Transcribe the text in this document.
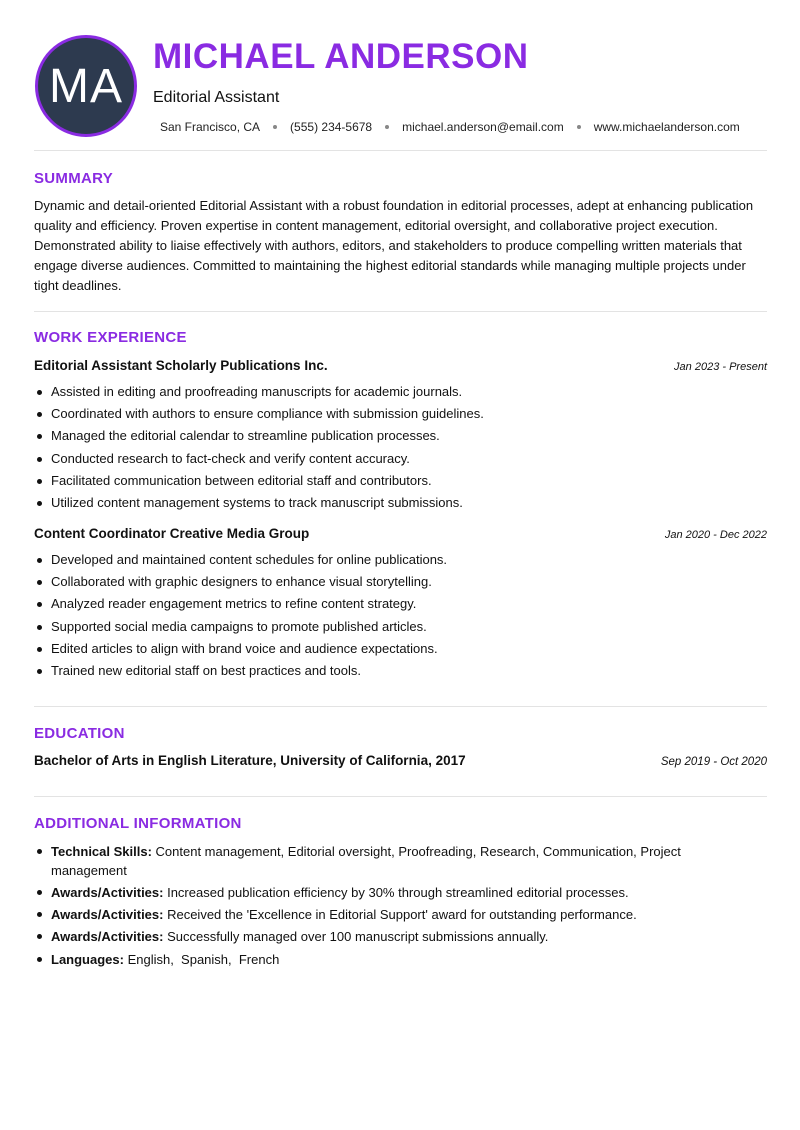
MA
MICHAEL ANDERSON
Editorial Assistant
San Francisco, CA	(555) 234-5678	michael.anderson@email.com	www.michaelanderson.com
SUMMARY

Dynamic and detail-oriented Editorial Assistant with a robust foundation in editorial processes, adept at enhancing publication quality and efficiency. Proven expertise in content management, editorial oversight, and collaborative project execution. Demonstrated ability to liaise effectively with authors, editors, and stakeholders to produce compelling written materials that engage diverse audiences. Committed to maintaining the highest editorial standards while managing multiple projects under tight deadlines.

WORK EXPERIENCE
Editorial Assistant Scholarly Publications Inc.	Jan 2023 - Present
Assisted in editing and proofreading manuscripts for academic journals.
Coordinated with authors to ensure compliance with submission guidelines.
Managed the editorial calendar to streamline publication processes.
Conducted research to fact-check and verify content accuracy.
Facilitated communication between editorial staff and contributors.
Utilized content management systems to track manuscript submissions.
Content Coordinator Creative Media Group	Jan 2020 - Dec 2022
Developed and maintained content schedules for online publications.
Collaborated with graphic designers to enhance visual storytelling.
Analyzed reader engagement metrics to refine content strategy.
Supported social media campaigns to promote published articles.
Edited articles to align with brand voice and audience expectations.
Trained new editorial staff on best practices and tools.
EDUCATION
Bachelor of Arts in English Literature, University of California, 2017	Sep 2019 - Oct 2020
ADDITIONAL INFORMATION
Technical Skills: Content management, Editorial oversight, Proofreading, Research, Communication, Project management
Awards/Activities: Increased publication efficiency by 30% through streamlined editorial processes.
Awards/Activities: Received the 'Excellence in Editorial Support' award for outstanding performance.
Awards/Activities: Successfully managed over 100 manuscript submissions annually.
Languages: English,  Spanish,  French
